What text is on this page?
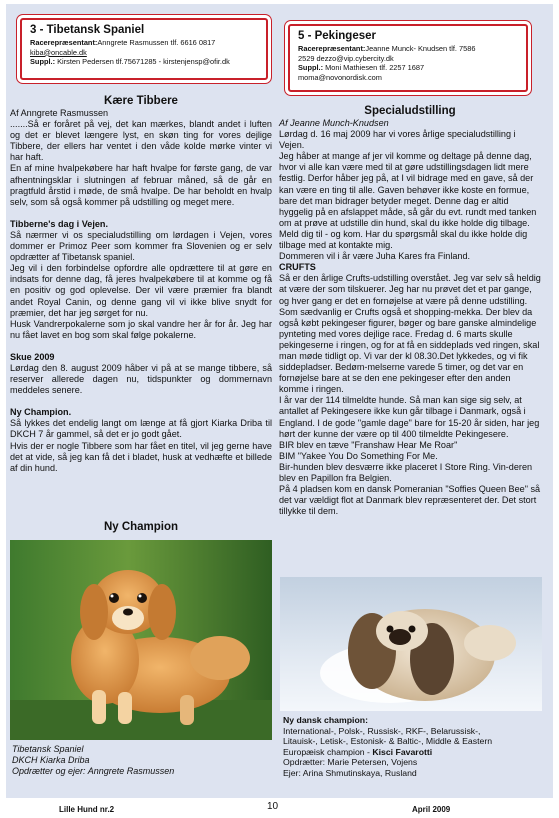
3 - Tibetansk Spaniel
Racerepræsentant:Anngrete Rasmussen tlf. 6616 0817
kiba@oncable.dk
Suppl.: Kirsten Pedersen tlf.75671285 - kirstenjensp@ofir.dk
5 - Pekingeser
Racerepræsentant:Jeanne Munck- Knudsen tlf. 7586
2529 dezzo@vip.cybercity.dk
Suppl.: Moni Mathiesen tlf. 2257 1687
moma@novonordisk.com
Kære Tibbere

Af Anngrete Rasmussen

.......Så er foråret på vej, det kan mærkes, blandt andet i luften og det er blevet længere lyst, en skøn ting for vores dejlige Tibbere, der ellers har ventet i den våde kolde mørke vinter vi har haft.

En af mine hvalpekøbere har haft hvalpe for første gang, de var afhentningsklar i slutningen af februar måned, så de går en pragtfuld årstid i møde, de små hvalpe. De har beholdt en hvalp selv, som så også kommer på udstilling og meget mere.

Tibberne's dag i Vejen.

Så nærmer vi os specialudstilling om lørdagen i Vejen, vores dommer er Primoz Peer som kommer fra Slovenien og er selv opdrætter af Tibetansk spaniel.

Jeg vil i den forbindelse opfordre alle opdrættere til at gøre en indsats for denne dag, få jeres hvalpekøbere til at komme og få en positiv og god oplevelse. Der vil være præmier fra blandt andet Royal Canin, og denne gang vil vi ikke blive snydt for præmier, det har jeg sørget for nu.

Husk Vandrerpokalerne som jo skal vandre her år for år. Jeg har nu fået lavet en bog som skal følge pokalerne.

Skue 2009

Lørdag den 8. august 2009 håber vi på at se mange tibbere, så reserver allerede dagen nu, tidspunkter og dommernavn meddeles senere.

Ny Champion.

Så lykkes det endelig langt om længe at få gjort Kiarka Driba til DKCH 7 år gammel, så det er jo godt gået.

Hvis der er nogle Tibbere som har fået en titel, vil jeg gerne have det at vide, så jeg kan få det i bladet, husk at vedhæfte et billede af din hund.

Ny Champion
Tibetansk Spaniel
DKCH Kiarka Driba
Opdrætter og ejer: Anngrete Rasmussen
Specialudstilling

Af Jeanne Munch-Knudsen

Lørdag d. 16 maj 2009 har vi vores årlige specialudstilling i Vejen.

Jeg håber at mange af jer vil komme og deltage på denne dag, hvor vi alle kan være med til at gøre udstillingsdagen lidt mere festlig. Derfor håber jeg på, at I vil bidrage med en gave, så der kan være en ting til alle. Gaven behøver ikke koste en formue, bare det man bidrager betyder meget. Denne dag er altid hyggelig på en afslappet måde, så går du evt. rundt med tanken om at prøve at udstille din hund, skal du ikke holde dig tilbage. Meld dig til - og kom. Har du spørgsmål skal du ikke holde dig tilbage med at kontakte mig.

Dommeren vil i år være Juha Kares fra Finland.

CRUFTS

Så er den årlige Crufts-udstilling overstået. Jeg var selv så heldig at være der som tilskuerer. Jeg har nu prøvet det et par gange, og hver gang er det en fornøjelse at være på denne udstilling. Som sædvanlig er Crufts også et shopping-mekka. Der blev da også købt pekingeser figurer, bøger og bare ganske almindelige pynteting med vores dejlige race. Fredag d. 6 marts skulle pekingeserne i ringen, og for at få en siddeplads ved ringen, skal man møde tidligt op. Vi var der kl 08.30.Det lykkedes, og vi fik siddepladser. Bedøm-melserne varede 5 timer, og det var en fornøjelse bare at se den ene pekingeser efter den anden komme i ringen.

I år var der 114 tilmeldte hunde. Så man kan sige sig selv, at antallet af Pekingesere ikke kun går tilbage i Danmark, også i England. I de gode "gamle dage" bare for 15-20 år siden, har jeg hørt der kunne der være op til 400 tilmeldte Pekingesere.

BIR blev en tæve "Franshaw Hear Me Roar"

BIM "Yakee You Do Something For Me.

Bir-hunden blev desværre ikke placeret I Store Ring. Vin-deren blev en Papillon fra Belgien.

På 4 pladsen kom en dansk Pomeranian "Soffies Queen Bee" så det var vældigt flot at Danmark blev repræsenteret der. Det stort tillykke til dem.

Ny dansk champion:
International-, Polsk-, Russisk-, RKF-, Belarussisk-,
Litauisk-, Letisk-, Estonisk- & Baltic-, Middle & Eastern
Europæisk champion - Kisci Favarotti
Opdrætter: Marie Petersen, Vojens
Ejer: Arina Shmutinskaya, Rusland
Lille Hund nr.2	10	April 2009
